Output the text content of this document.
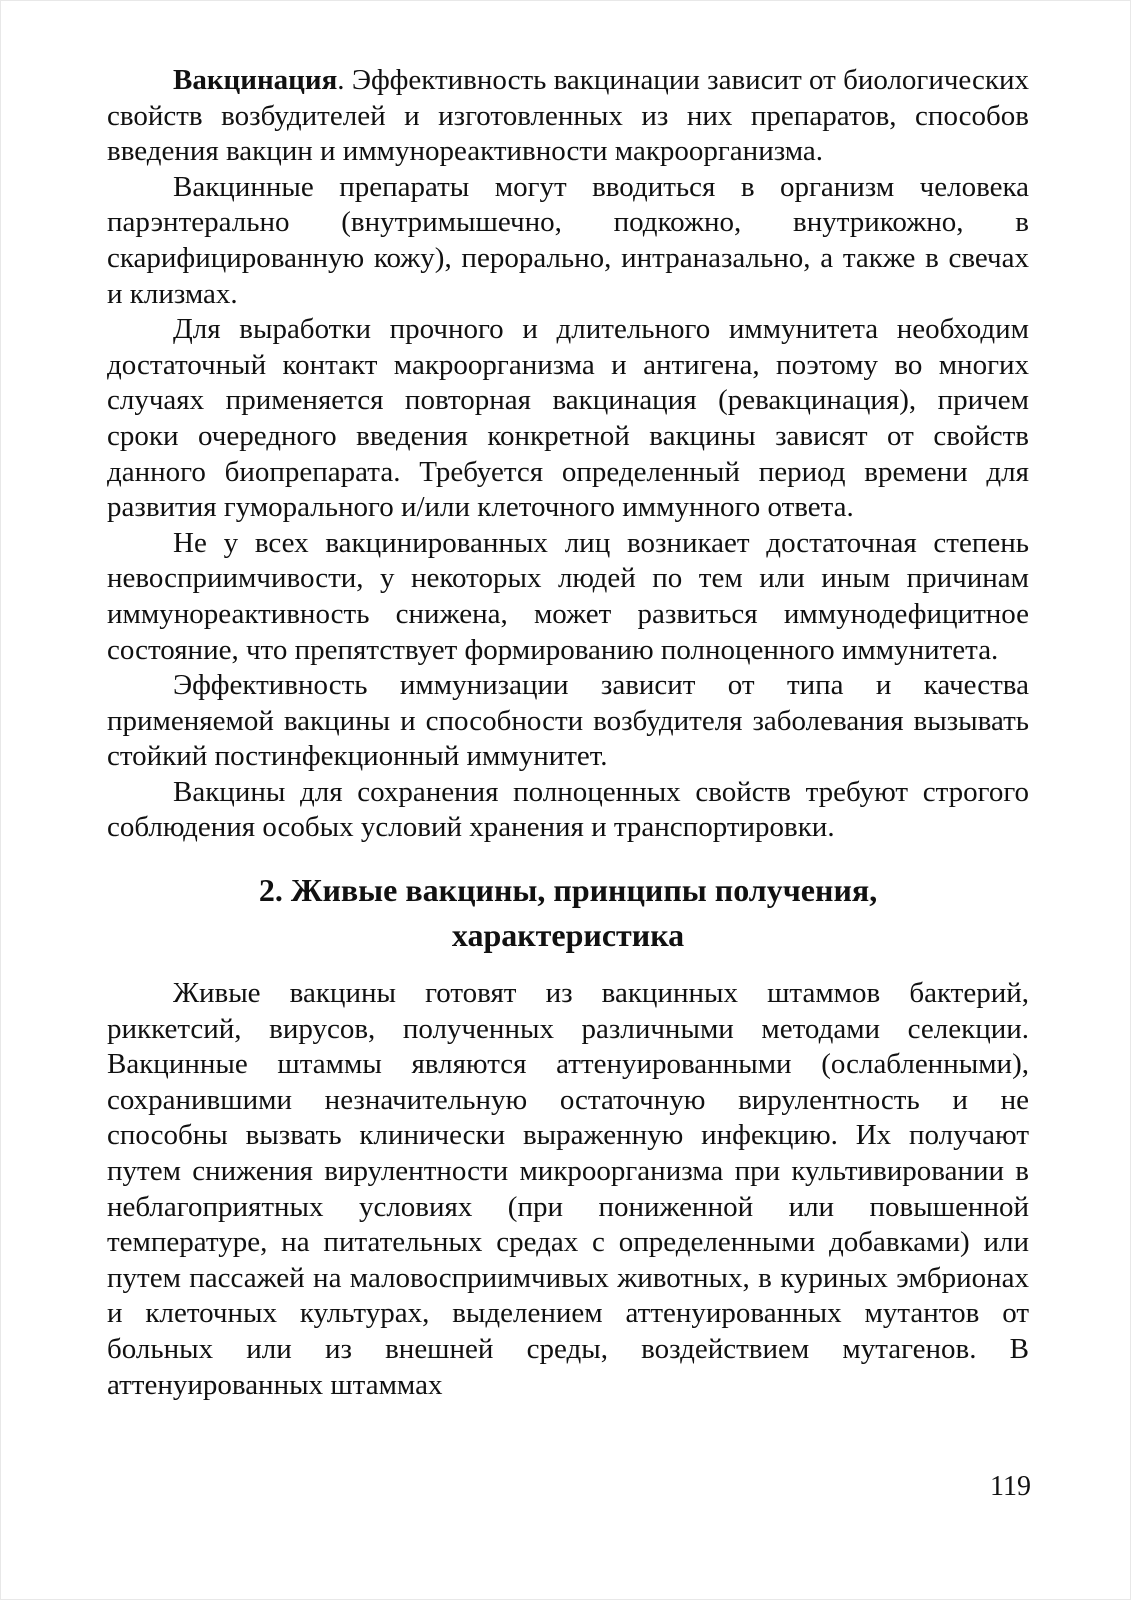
Вакцинация. Эффективность вакцинации зависит от биологических свойств возбудителей и изготовленных из них препаратов, способов введения вакцин и иммунореактивности макроорганизма.

Вакцинные препараты могут вводиться в организм человека парэнтерально (внутримышечно, подкожно, внутрикожно, в скарифицированную кожу), перорально, интраназально, а также в свечах и клизмах.

Для выработки прочного и длительного иммунитета необходим достаточный контакт макроорганизма и антигена, поэтому во многих случаях применяется повторная вакцинация (ревакцинация), причем сроки очередного введения конкретной вакцины зависят от свойств данного биопрепарата. Требуется определенный период времени для развития гуморального и/или клеточного иммунного ответа.

Не у всех вакцинированных лиц возникает достаточная степень невосприимчивости, у некоторых людей по тем или иным причинам иммунореактивность снижена, может развиться иммунодефицитное состояние, что препятствует формированию полноценного иммунитета.

Эффективность иммунизации зависит от типа и качества применяемой вакцины и способности возбудителя заболевания вызывать стойкий постинфекционный иммунитет.

Вакцины для сохранения полноценных свойств требуют строгого соблюдения особых условий хранения и транспортировки.

2. Живые вакцины, принципы получения,
характеристика

Живые вакцины готовят из вакцинных штаммов бактерий, риккетсий, вирусов, полученных различными методами селекции. Вакцинные штаммы являются аттенуированными (ослабленными), сохранившими незначительную остаточную вирулентность и не способны вызвать клинически выраженную инфекцию. Их получают путем снижения вирулентности микроорганизма при культивировании в неблагоприятных условиях (при пониженной или повышенной температуре, на питательных средах с определенными добавками) или путем пассажей на маловосприимчивых животных, в куриных эмбрионах и клеточных культурах, выделением аттенуированных мутантов от больных или из внешней среды, воздействием мутагенов. В аттенуированных штаммах

119
